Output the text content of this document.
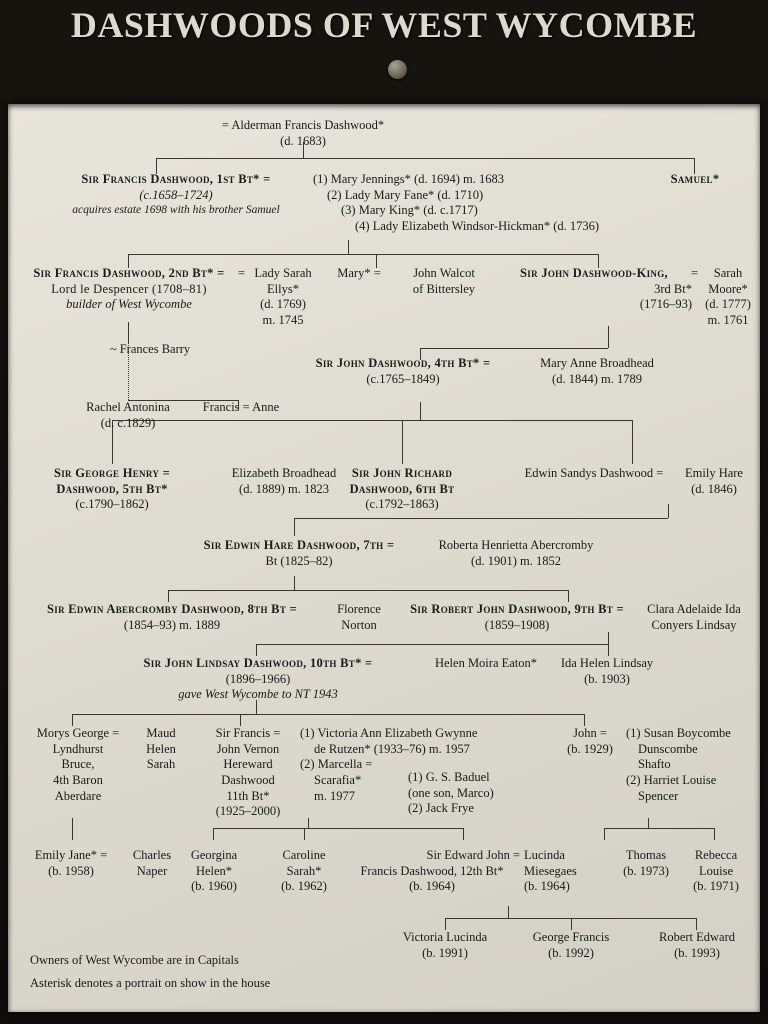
DASHWOODS OF WEST WYCOMBE
= Alderman Francis Dashwood*
(d. 1683)
Sir Francis Dashwood, 1st Bt* =
(c.1658–1724)
acquires estate 1698 with his brother Samuel
(1) Mary Jennings* (d. 1694) m. 1683
(2) Lady Mary Fane* (d. 1710)
(3) Mary King* (d. c.1717)
(4) Lady Elizabeth Windsor-Hickman* (d. 1736)
Samuel*
Sir Francis Dashwood, 2nd Bt* =
Lord le Despencer (1708–81)
builder of West Wycombe
Lady Sarah
Ellys*
(d. 1769)
m. 1745
Mary* =	John Walcot
of Bittersley
Sir John Dashwood-King,
3rd Bt*
(1716–93)
Sarah
Moore*
(d. 1777)
m. 1761
=
=
~ Frances Barry
Rachel Antonina
(d. c.1829)
Francis = Anne
Sir John Dashwood, 4th Bt* =
(c.1765–1849)
Mary Anne Broadhead
(d. 1844) m. 1789
Sir George Henry =
Dashwood, 5th Bt*
(c.1790–1862)
Elizabeth Broadhead
(d. 1889) m. 1823
Sir John Richard
Dashwood, 6th Bt
(c.1792–1863)
Edwin Sandys Dashwood =	Emily Hare
(d. 1846)
Sir Edwin Hare Dashwood, 7th =
Bt (1825–82)
Roberta Henrietta Abercromby
(d. 1901) m. 1852
Sir Edwin Abercromby Dashwood, 8th Bt =
(1854–93) m. 1889
Florence
Norton
Sir Robert John Dashwood, 9th Bt =
(1859–1908)
Clara Adelaide Ida
Conyers Lindsay
Sir John Lindsay Dashwood, 10th Bt* =
(1896–1966)
gave West Wycombe to NT 1943
Helen Moira Eaton*	Ida Helen Lindsay
(b. 1903)
Morys George =
Lyndhurst
Bruce,
4th Baron
Aberdare
Maud
Helen
Sarah
Sir Francis =
John Vernon
Hereward
Dashwood
11th Bt*
(1925–2000)
(1) Victoria Ann Elizabeth Gwynne
de Rutzen* (1933–76) m. 1957
(2) Marcella =
Scarafia*
m. 1977
(1) G. S. Baduel
(one son, Marco)
(2) Jack Frye
John =
(b. 1929)
(1) Susan Boycombe
Dunscombe
Shafto
(2) Harriet Louise
Spencer
Emily Jane* =
(b. 1958)
Charles
Naper
Georgina
Helen*
(b. 1960)
Caroline
Sarah*
(b. 1962)
Sir Edward John =
Francis Dashwood, 12th Bt*
(b. 1964)
Lucinda
Miesegaes
(b. 1964)
Thomas
(b. 1973)
Rebecca
Louise
(b. 1971)
Victoria Lucinda
(b. 1991)
George Francis
(b. 1992)
Robert Edward
(b. 1993)
Owners of West Wycombe are in Capitals
Asterisk denotes a portrait on show in the house
